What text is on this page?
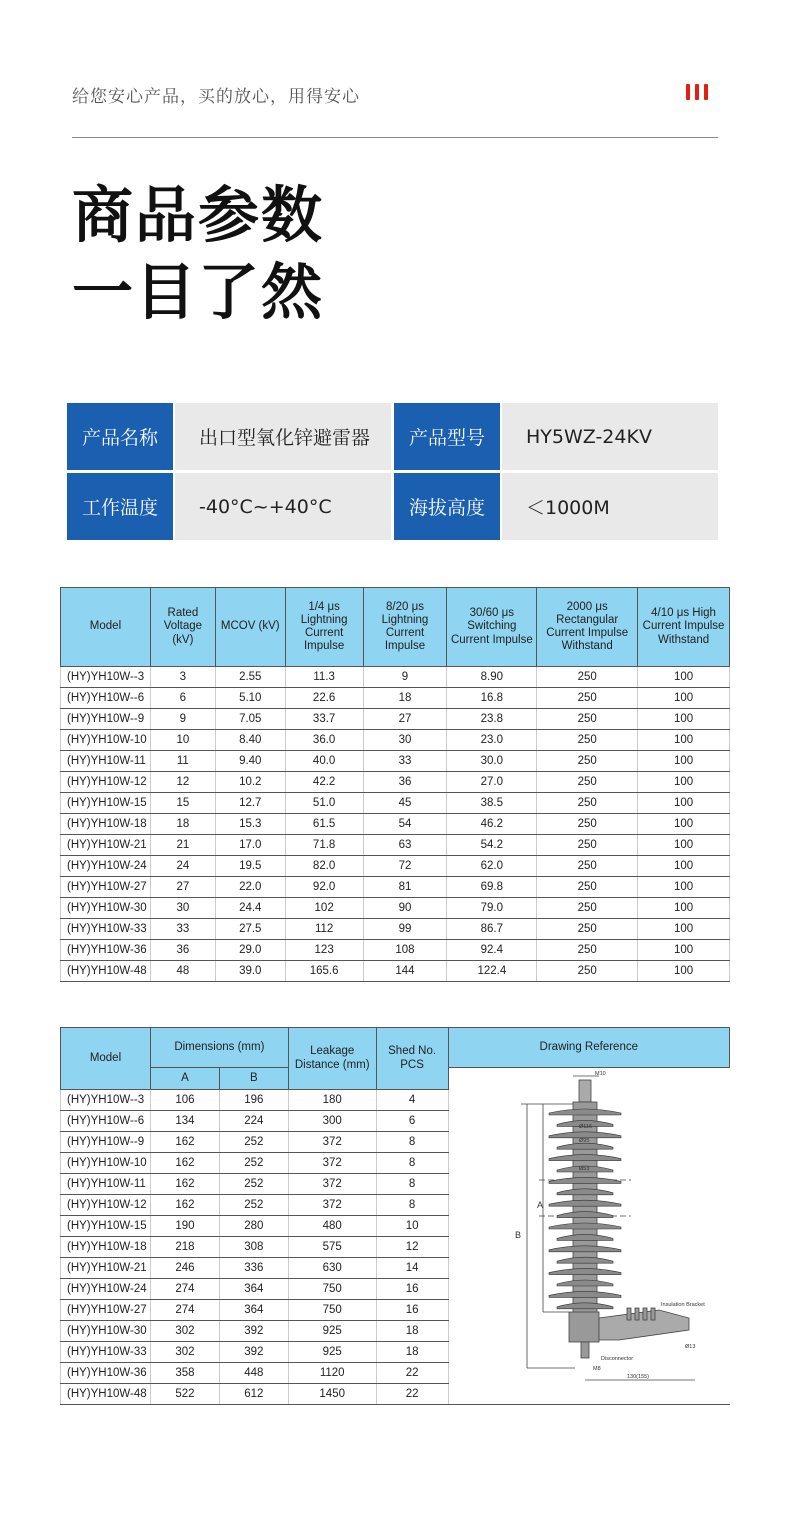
给您安心产品，买的放心，用得安心
商品参数
一目了然
产品名称	出口型氧化锌避雷器	产品型号	HY5WZ-24KV
工作温度	-40°C~+40°C	海拔高度	＜1000M
Model	Rated Voltage (kV)	MCOV (kV)	1/4 μs Lightning Current Impulse	8/20 μs Lightning Current Impulse	30/60 μs Switching Current Impulse	2000 μs Rectangular Current Impulse Withstand	4/10 μs High Current Impulse Withstand
(HY)YH10W--3	3	2.55	11.3	9	8.90	250	100
(HY)YH10W--6	6	5.10	22.6	18	16.8	250	100
(HY)YH10W--9	9	7.05	33.7	27	23.8	250	100
(HY)YH10W-10	10	8.40	36.0	30	23.0	250	100
(HY)YH10W-11	11	9.40	40.0	33	30.0	250	100
(HY)YH10W-12	12	10.2	42.2	36	27.0	250	100
(HY)YH10W-15	15	12.7	51.0	45	38.5	250	100
(HY)YH10W-18	18	15.3	61.5	54	46.2	250	100
(HY)YH10W-21	21	17.0	71.8	63	54.2	250	100
(HY)YH10W-24	24	19.5	82.0	72	62.0	250	100
(HY)YH10W-27	27	22.0	92.0	81	69.8	250	100
(HY)YH10W-30	30	24.4	102	90	79.0	250	100
(HY)YH10W-33	33	27.5	112	99	86.7	250	100
(HY)YH10W-36	36	29.0	123	108	92.4	250	100
(HY)YH10W-48	48	39.0	165.6	144	122.4	250	100
Model	Dimensions (mm)		Leakage Distance (mm)	Shed No. PCS	Drawing Reference
	A	B			
(HY)YH10W--3	106	196	180	4	
(HY)YH10W--6	134	224	300	6	
(HY)YH10W--9	162	252	372	8	
(HY)YH10W-10	162	252	372	8	
(HY)YH10W-11	162	252	372	8	
(HY)YH10W-12	162	252	372	8	
(HY)YH10W-15	190	280	480	10	
(HY)YH10W-18	218	308	575	12	
(HY)YH10W-21	246	336	630	14	
(HY)YH10W-24	274	364	750	16	
(HY)YH10W-27	274	364	750	16	
(HY)YH10W-30	302	392	925	18	
(HY)YH10W-33	302	392	925	18	
(HY)YH10W-36	358	448	1120	22	
(HY)YH10W-48	522	612	1450	22	
M10
Ø116
Ø95
Ø53
A
B
Insulation Bracket
Disconnector
M8
Ø13
130(155)
